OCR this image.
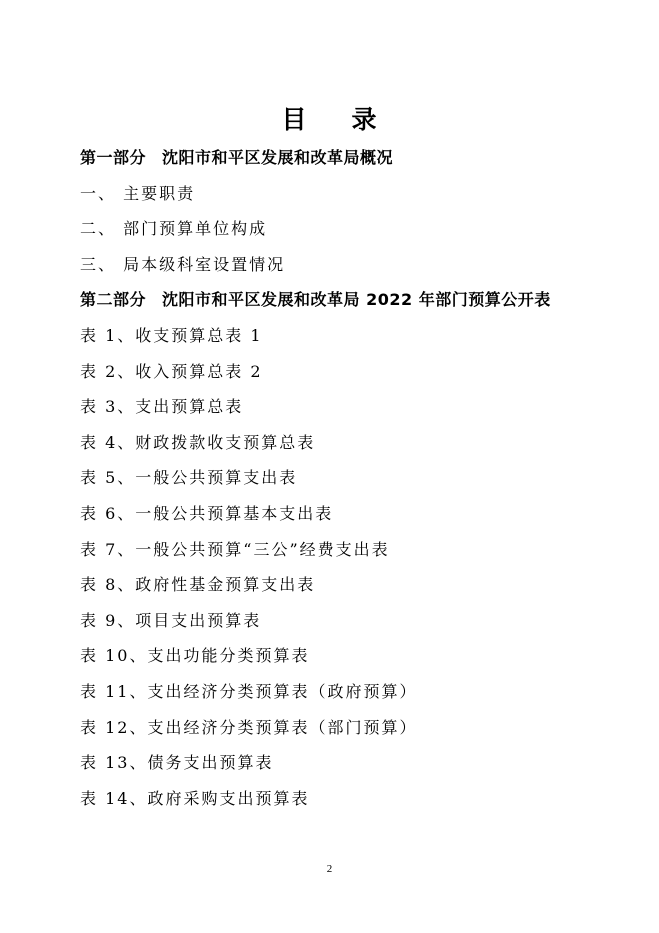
目 录
第一部分 沈阳市和平区发展和改革局概况
一、 主要职责
二、 部门预算单位构成
三、 局本级科室设置情况
第二部分 沈阳市和平区发展和改革局 2022 年部门预算公开表
表 1、收支预算总表 1
表 2、收入预算总表 2
表 3、支出预算总表
表 4、财政拨款收支预算总表
表 5、一般公共预算支出表
表 6、一般公共预算基本支出表
表 7、一般公共预算“三公”经费支出表
表 8、政府性基金预算支出表
表 9、项目支出预算表
表 10、支出功能分类预算表
表 11、支出经济分类预算表（政府预算）
表 12、支出经济分类预算表（部门预算）
表 13、债务支出预算表
表 14、政府采购支出预算表
2
